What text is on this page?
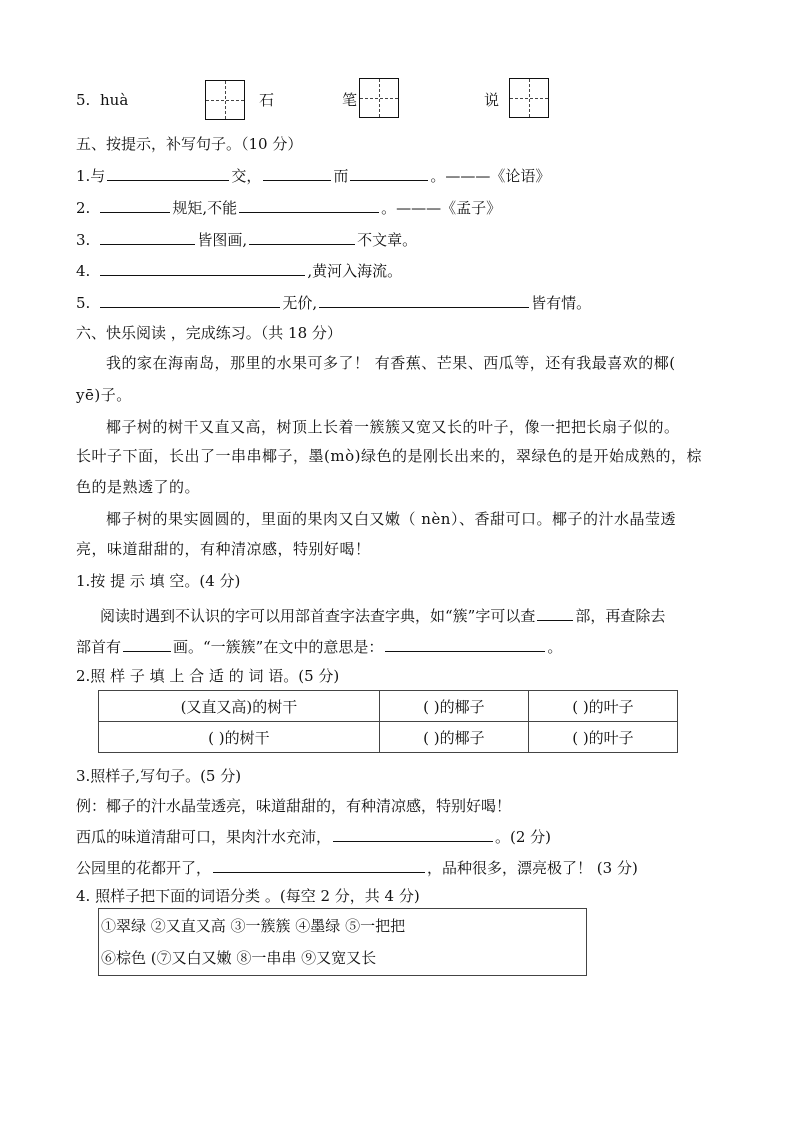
5. huà	石	笔	说
五、按提示，补写句子。（10 分）
1.与	交，	而	。———《论语》
2.	规矩,不能	。———《孟子》
3.	皆图画,	不文章。
4.	,黄河入海流。
5.	无价,	皆有情。
六、快乐阅读 ，完成练习。（共 18 分）
我的家在海南岛，那里的水果可多了！ 有香蕉、芒果、西瓜等，还有我最喜欢的椰(
yē)子。
椰子树的树干又直又高，树顶上长着一簇簇又宽又长的叶子，像一把把长扇子似的。
长叶子下面，长出了一串串椰子，墨(mò)绿色的是刚长出来的，翠绿色的是开始成熟的，棕
色的是熟透了的。
椰子树的果实圆圆的，里面的果肉又白又嫩（ nèn）、香甜可口。椰子的汁水晶莹透
亮，味道甜甜的，有种清凉感，特别好喝！
1.按 提 示 填 空。(4 分)
阅读时遇到不认识的字可以用部首查字法查字典，如“簇”字可以查	部，再查除去
部首有	画。“一簇簇”在文中的意思是：	。
2.照 样 子 填 上 合 适 的 词 语。(5 分)
(又直又高)的树干	( )的椰子	( )的叶子
( )的树干	( )的椰子	( )的叶子
3.照样子,写句子。(5 分)
例：椰子的汁水晶莹透亮，味道甜甜的，有种清凉感，特别好喝！
西瓜的味道清甜可口，果肉汁水充沛，	。(2 分)
公园里的花都开了，	，品种很多，漂亮极了！ (3 分)
4. 照样子把下面的词语分类 。(每空 2 分，共 4 分)
①翠绿 ②又直又高 ③一簇簇 ④墨绿 ⑤一把把
⑥棕色 (⑦又白又嫩 ⑧一串串 ⑨又宽又长
